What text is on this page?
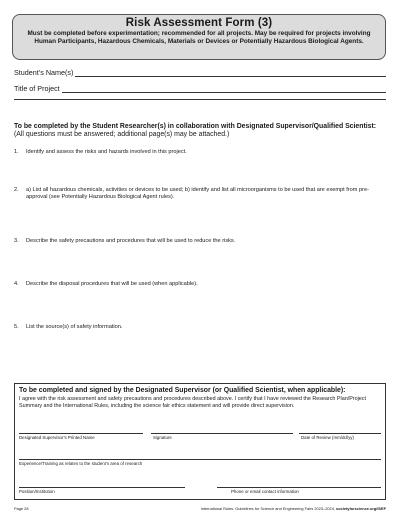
Risk Assessment Form (3)
Must be completed before experimentation; recommended for all projects. May be required for projects involving Human Participants, Hazardous Chemicals, Materials or Devices or Potentially Hazardous Biological Agents.
Student’s Name(s)
Title of Project
To be completed by the Student Researcher(s) in collaboration with Designated Supervisor/Qualified Scientist: (All questions must be answered; additional page(s) may be attached.)
1.	Identify and assess the risks and hazards involved in this project.
2.	a) List all hazardous chemicals, activities or devices to be used; b) identify and list all microorganisms to be used that are exempt from pre-approval (see Potentially Hazardous Biological Agent rules).
3.	Describe the safety precautions and procedures that will be used to reduce the risks.
4.	Describe the disposal procedures that will be used (when applicable).
5.	List the source(s) of safety information.
To be completed and signed by the Designated Supervisor (or Qualified Scientist, when applicable):
I agree with the risk assessment and safety precautions and procedures described above. I certify that I have reviewed the Research Plan/Project Summary and the International Rules, including the science fair ethics statement and will provide direct supervision.
Designated Supervisor’s Printed Name	Signature	Date of Review (mm/dd/yy)
Experience/Training as relates to the student’s area of research
Position/Institution	Phone or email contact information
Page 28	International Rules: Guidelines for Science and Engineering Fairs 2023–2024, societyforscience.org/ISEF
